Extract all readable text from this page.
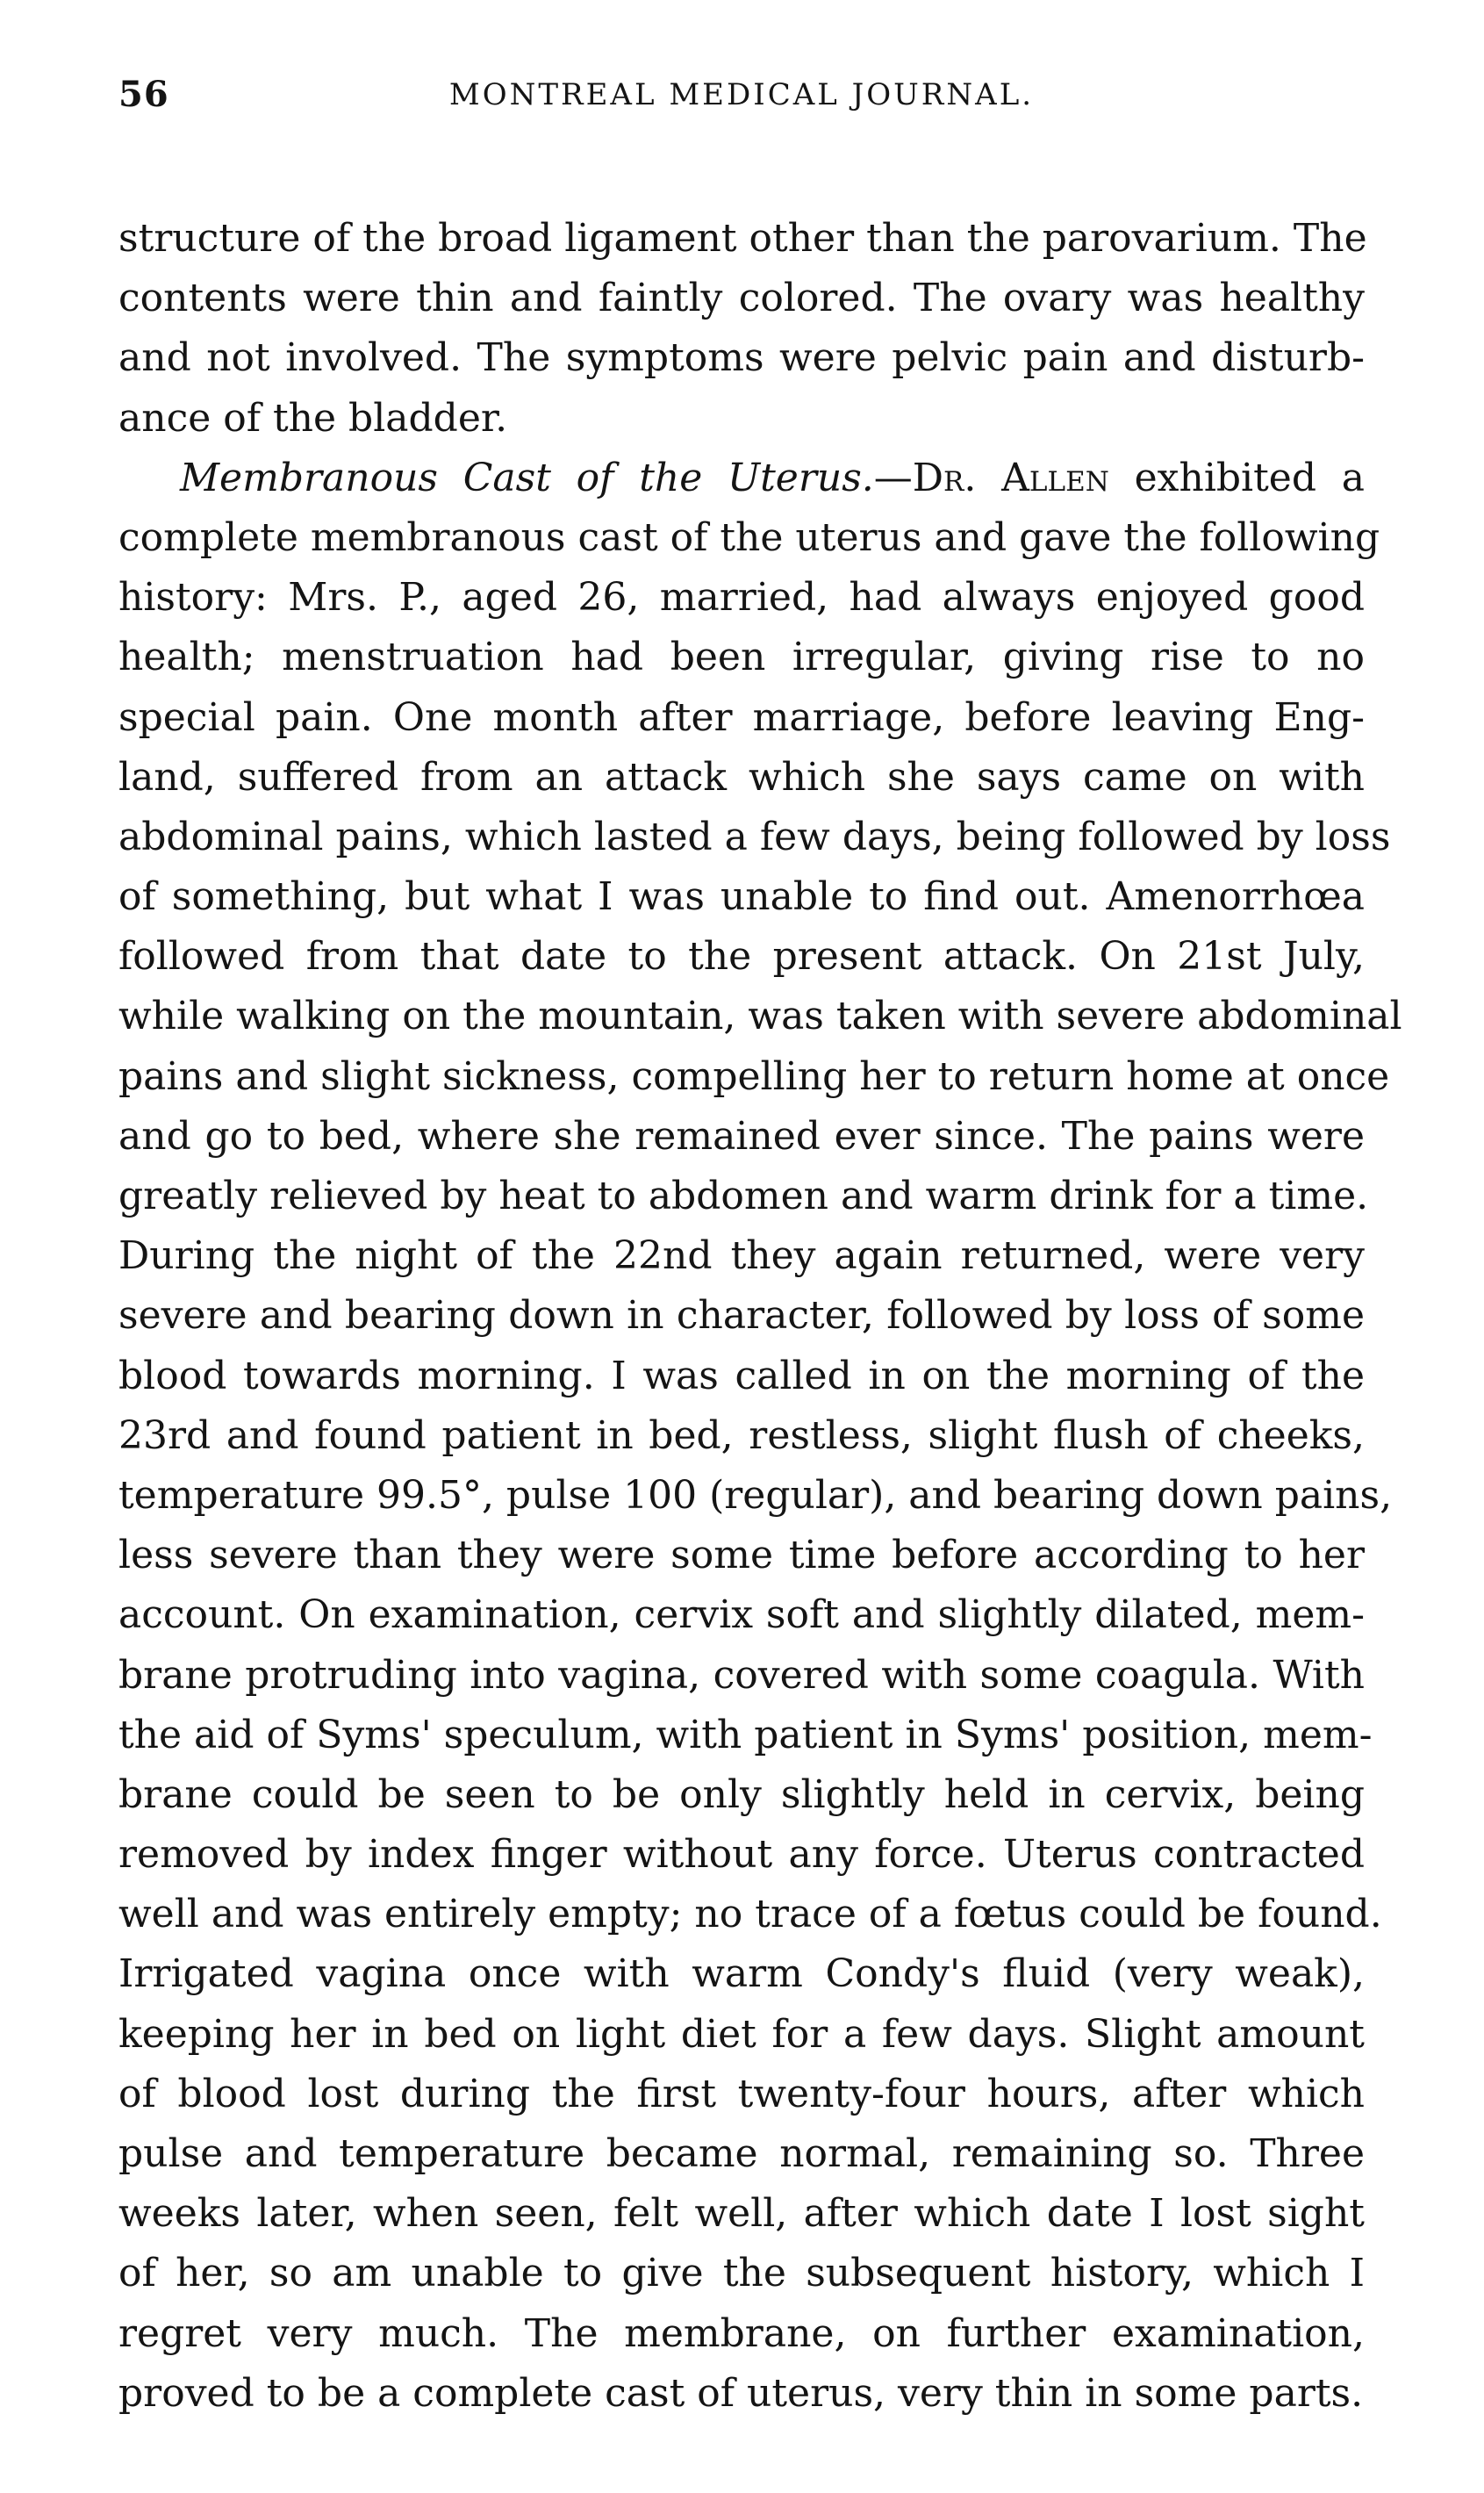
56	MONTREAL MEDICAL JOURNAL.
structure of the broad ligament other than the parovarium. The
contents were thin and faintly colored. The ovary was healthy
and not involved. The symptoms were pelvic pain and disturb-
ance of the bladder.
Membranous Cast of the Uterus.—Dr. Allen exhibited a
complete membranous cast of the uterus and gave the following
history: Mrs. P., aged 26, married, had always enjoyed good
health; menstruation had been irregular, giving rise to no
special pain. One month after marriage, before leaving Eng-
land, suffered from an attack which she says came on with
abdominal pains, which lasted a few days, being followed by loss
of something, but what I was unable to find out. Amenorrhœa
followed from that date to the present attack. On 21st July,
while walking on the mountain, was taken with severe abdominal
pains and slight sickness, compelling her to return home at once
and go to bed, where she remained ever since. The pains were
greatly relieved by heat to abdomen and warm drink for a time.
During the night of the 22nd they again returned, were very
severe and bearing down in character, followed by loss of some
blood towards morning. I was called in on the morning of the
23rd and found patient in bed, restless, slight flush of cheeks,
temperature 99.5°, pulse 100 (regular), and bearing down pains,
less severe than they were some time before according to her
account. On examination, cervix soft and slightly dilated, mem-
brane protruding into vagina, covered with some coagula. With
the aid of Syms' speculum, with patient in Syms' position, mem-
brane could be seen to be only slightly held in cervix, being
removed by index finger without any force. Uterus contracted
well and was entirely empty; no trace of a fœtus could be found.
Irrigated vagina once with warm Condy's fluid (very weak),
keeping her in bed on light diet for a few days. Slight amount
of blood lost during the first twenty-four hours, after which
pulse and temperature became normal, remaining so. Three
weeks later, when seen, felt well, after which date I lost sight
of her, so am unable to give the subsequent history, which I
regret very much. The membrane, on further examination,
proved to be a complete cast of uterus, very thin in some parts.
